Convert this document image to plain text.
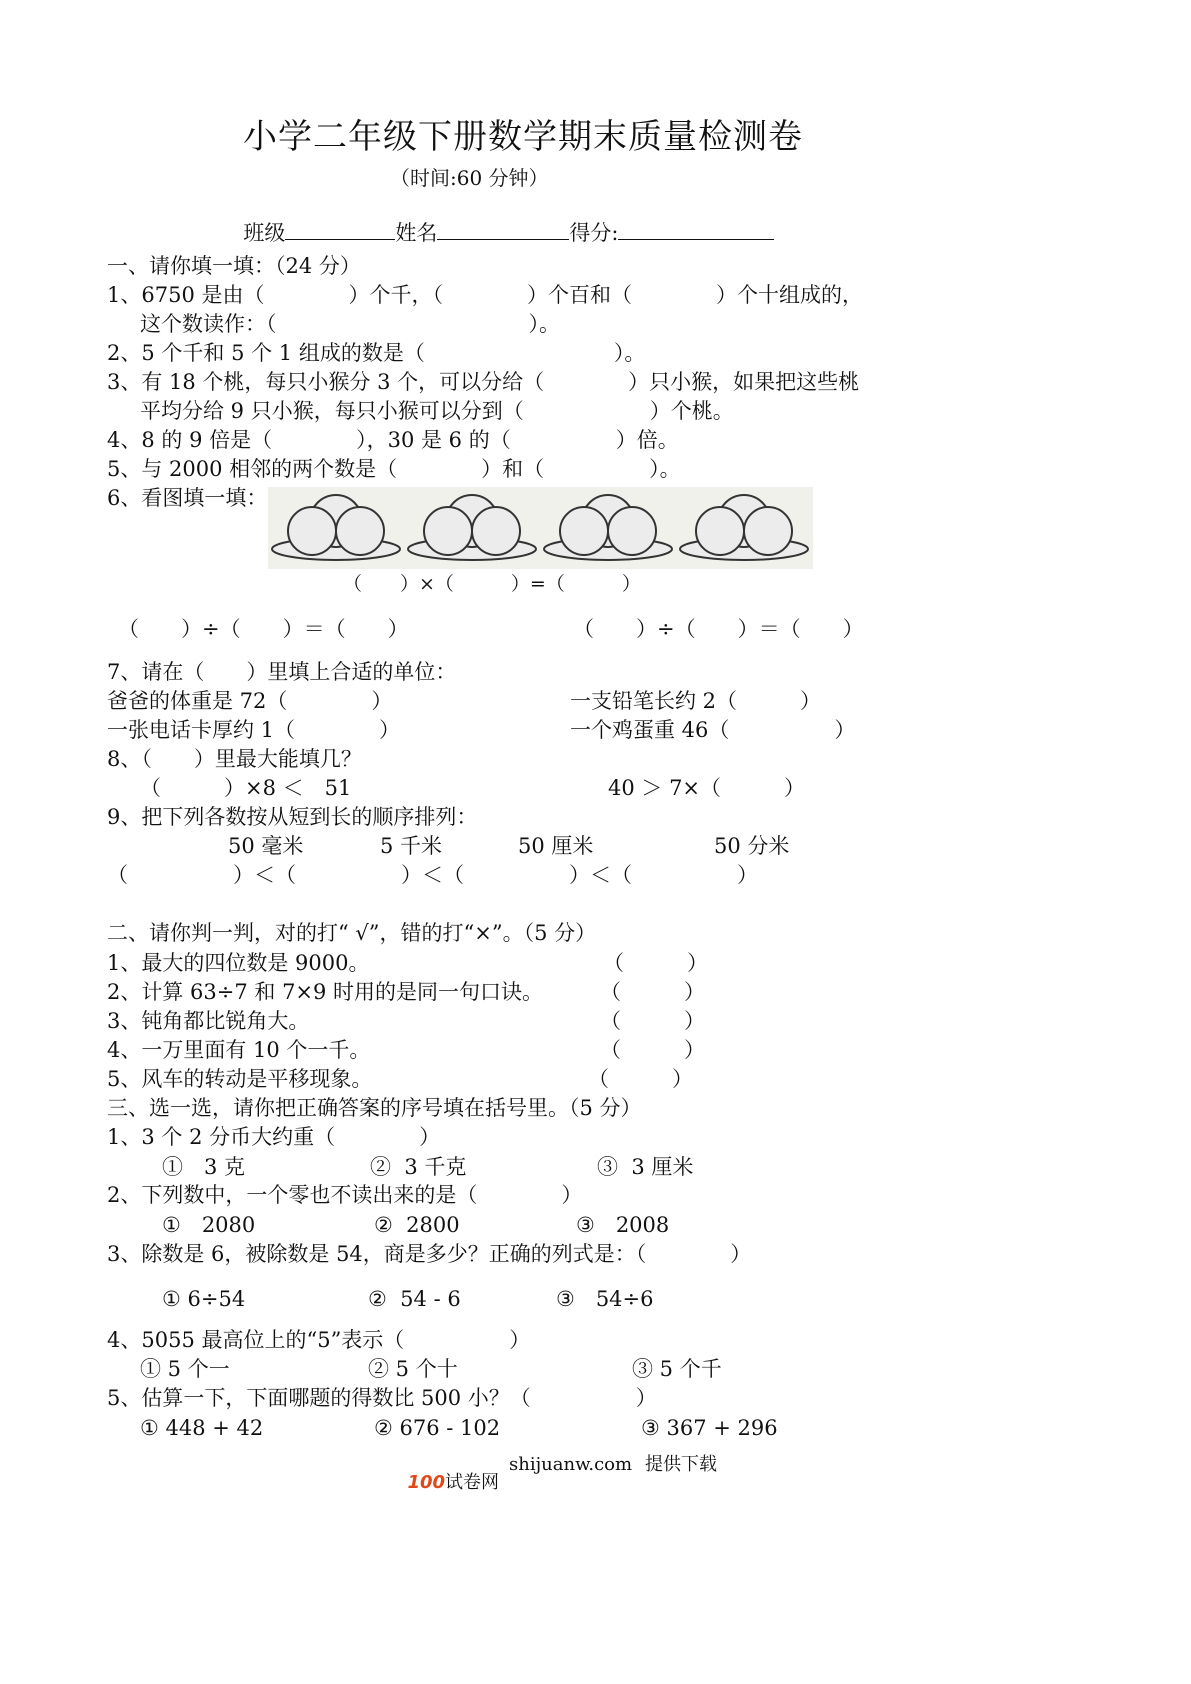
小学二年级下册数学期末质量检测卷
（时间:60 分钟）

班级	姓名	得分:

一、请你填一填：（24 分）
1、6750 是由（　　　　）个千，（　　　　）个百和（　　　　）个十组成的，
这个数读作：（　　　　　　　　　　　　）。
2、5 个千和 5 个 1 组成的数是（　　　　　　　　　）。
3、有 18 个桃，每只小猴分 3 个，可以分给（　　　　）只小猴，如果把这些桃
平均分给 9 只小猴，每只小猴可以分到（　　　　　　）个桃。
4、8 的 9 倍是（　　　　），30 是 6 的（　　　　　）倍。
5、与 2000 相邻的两个数是（　　　　）和（　　　　　）。
6、看图填一填：
（　　）×（　　　）=（　　　）
（　　）÷（　　）＝（　　）	（　　）÷（　　）＝（　　）
7、请在（　　）里填上合适的单位：
爸爸的体重是 72（　　　　）	一支铅笔长约 2（　　　）
一张电话卡厚约 1（　　　　）	一个鸡蛋重 46（　　　　　）
8、（　　）里最大能填几？
（　　　）×8 ＜　51	40 ＞ 7×（　　　）
9、把下列各数按从短到长的顺序排列：
50 毫米	5 千米	50 厘米	50 分米
（　　　　　）＜（　　　　　）＜（　　　　　）＜（　　　　　）
二、请你判一判，对的打“ √”，错的打“×”。（5 分）
1、最大的四位数是 9000。	（　　　）
2、计算 63÷7 和 7×9 时用的是同一句口诀。	（　　　）
3、钝角都比锐角大。	（　　　）
4、一万里面有 10 个一千。	（　　　）
5、风车的转动是平移现象。	（　　　）
三、选一选，请你把正确答案的序号填在括号里。（5 分）
1、3 个 2 分币大约重（　　　　）
①　3 克	②  3 千克	③  3 厘米
2、下列数中，一个零也不读出来的是（　　　　）
①　2080	②  2800	③　2008
3、除数是 6，被除数是 54，商是多少？正确的列式是：（　　　　）
① 6÷54	②  54 - 6	③　54÷6
4、5055 最高位上的“5”表示（　　　　　）
① 5 个一	② 5 个十	③ 5 个千
5、估算一下，下面哪题的得数比 500 小？（　　　　　）
① 448 + 42	② 676 - 102	③ 367 + 296

100试卷网

shijuanw.com 提供下载
